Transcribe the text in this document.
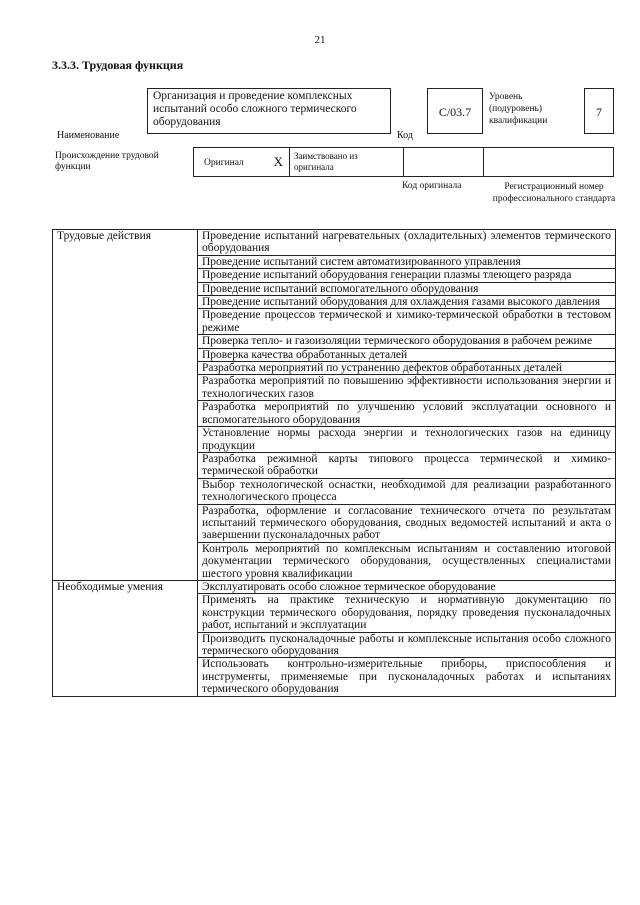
21
3.3.3. Трудовая функция
Наименование
Организация и проведение комплексных испытаний особо сложного термического оборудования
Код
C/03.7
Уровень
(подуровень)
квалификации
7
Происхождение трудовой функции	Оригинал X	Заимствовано из оригинала
Код оригинала	Регистрационный номер профессионального стандарта
Трудовые действия	Проведение испытаний нагревательных (охладительных) элементов термического оборудования
	Проведение испытаний систем автоматизированного управления
	Проведение испытаний оборудования генерации плазмы тлеющего разряда
	Проведение испытаний вспомогательного оборудования
	Проведение испытаний оборудования для охлаждения газами высокого давления
	Проведение процессов термической и химико-термической обработки в тестовом режиме
	Проверка тепло- и газоизоляции термического оборудования в рабочем режиме
	Проверка качества обработанных деталей
	Разработка мероприятий по устранению дефектов обработанных деталей
	Разработка мероприятий по повышению эффективности использования энергии и технологических газов
	Разработка мероприятий по улучшению условий эксплуатации основного и вспомогательного оборудования
	Установление нормы расхода энергии и технологических газов на единицу продукции
	Разработка режимной карты типового процесса термической и химико-термической обработки
	Выбор технологической оснастки, необходимой для реализации разработанного технологического процесса
	Разработка, оформление и согласование технического отчета по результатам испытаний термического оборудования, сводных ведомостей испытаний и акта о завершении пусконаладочных работ
	Контроль мероприятий по комплексным испытаниям и составлению итоговой документации термического оборудования, осуществленных специалистами шестого уровня квалификации
Необходимые умения	Эксплуатировать особо сложное термическое оборудование
	Применять на практике техническую и нормативную документацию по конструкции термического оборудования, порядку проведения пусконаладочных работ, испытаний и эксплуатации
	Производить пусконаладочные работы и комплексные испытания особо сложного термического оборудования
	Использовать контрольно-измерительные приборы, приспособления и инструменты, применяемые при пусконаладочных работах и испытаниях термического оборудования
